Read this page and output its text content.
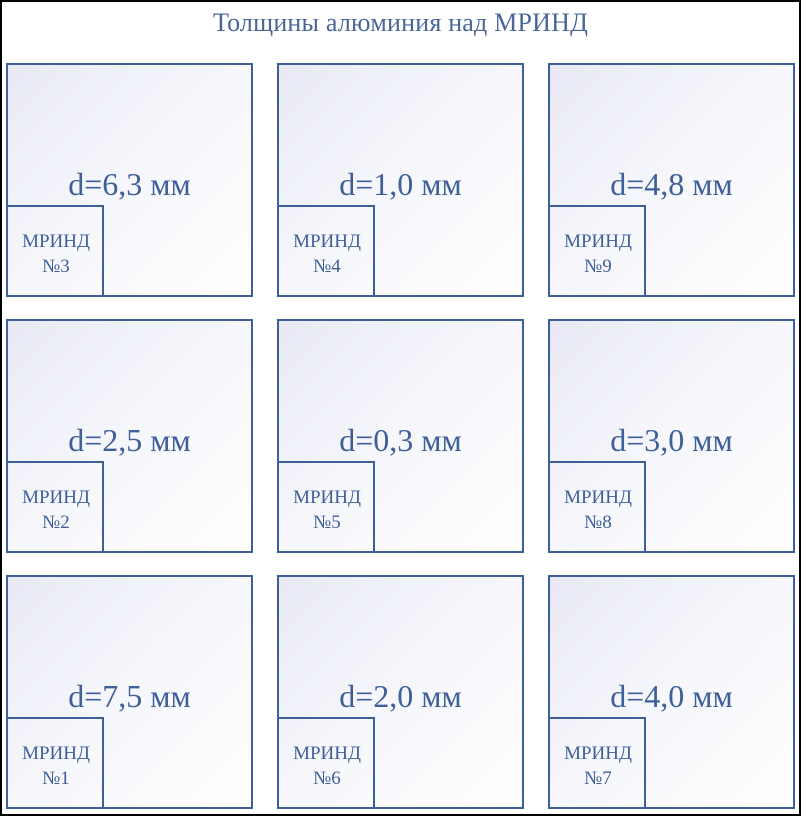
Толщины алюминия над МРИНД
d=6,3 мм
МРИНД
№3
d=1,0 мм
МРИНД
№4
d=4,8 мм
МРИНД
№9
d=2,5 мм
МРИНД
№2
d=0,3 мм
МРИНД
№5
d=3,0 мм
МРИНД
№8
d=7,5 мм
МРИНД
№1
d=2,0 мм
МРИНД
№6
d=4,0 мм
МРИНД
№7
